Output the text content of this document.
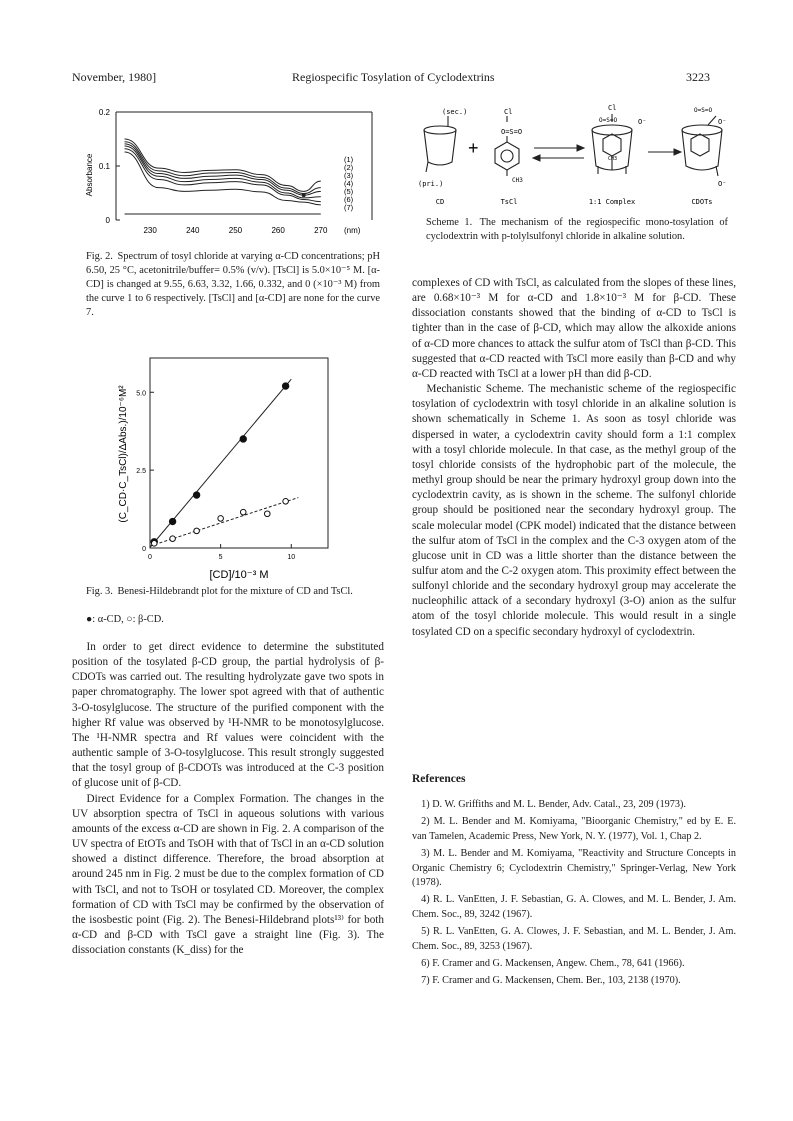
November, 1980]	Regiospecific Tosylation of Cyclodextrins	3223
0.2
0.1
0
230	240	250	260	270
(1)
(2)
(3)
(4)
(5)
(6)
(7)
Absorbance
(nm)
Fig. 2. Spectrum of tosyl chloride at varying α-CD concentrations; pH 6.50, 25 °C, acetonitrile/buffer= 0.5% (v/v). [TsCl] is 5.0×10⁻⁵ M. [α-CD] is changed at 9.55, 6.63, 3.32, 1.66, 0.332, and 0 (×10⁻³ M) from the curve 1 to 6 respectively. [TsCl] and [α-CD] are none for the curve 7.
0
2.5
5.0
0	5	10
(C_CD·C_TsCl)/ΔAbs.)/10⁻⁶M²
[CD]/10⁻³ M
Fig. 3. Benesi-Hildebrandt plot for the mixture of CD and TsCl.
●: α-CD, ○: β-CD.
(sec.)
(pri.)
+
O=S=O
Cl
CH3
Cl
O=S=O	O⁻
CH3
O=S=O
O⁻
O⁻
CD	TsCl	1:1 Complex	CDOTs
Scheme 1. The mechanism of the regiospecific mono-tosylation of cyclodextrin with p-tolylsulfonyl chloride in alkaline solution.

In order to get direct evidence to determine the substituted position of the tosylated β-CD group, the partial hydrolysis of β-CDOTs was carried out. The resulting hydrolyzate gave two spots in paper chromatography. The lower spot agreed with that of authentic 3-O-tosylglucose. The structure of the purified component with the higher Rf value was observed by ¹H-NMR to be monotosylglucose. The ¹H-NMR spectra and Rf values were coincident with the authentic sample of 3-O-tosylglucose. This result strongly suggested that the tosyl group of β-CDOTs was introduced at the C-3 position of glucose unit of β-CD.

Direct Evidence for a Complex Formation. The changes in the UV absorption spectra of TsCl in aqueous solutions with various amounts of the excess α-CD are shown in Fig. 2. A comparison of the UV spectra of EtOTs and TsOH with that of TsCl in an α-CD solution showed a distinct difference. Therefore, the broad absorption at around 245 nm in Fig. 2 must be due to the complex formation of CD with TsCl, and not to TsOH or tosylated CD. Moreover, the complex formation of CD with TsCl may be confirmed by the observation of the isosbestic point (Fig. 2). The Benesi-Hildebrand plots¹³⁾ for both α-CD and β-CD with TsCl gave a straight line (Fig. 3). The dissociation constants (K_diss) for the

complexes of CD with TsCl, as calculated from the slopes of these lines, are 0.68×10⁻³ M for α-CD and 1.8×10⁻³ M for β-CD. These dissociation constants showed that the binding of α-CD to TsCl is tighter than in the case of β-CD, which may allow the alkoxide anions of α-CD more chances to attack the sulfur atom of TsCl than β-CD. This suggested that α-CD reacted with TsCl more easily than β-CD and why α-CD reacted with TsCl at a lower pH than did β-CD.

Mechanistic Scheme. The mechanistic scheme of the regiospecific tosylation of cyclodextrin with tosyl chloride in an alkaline solution is shown schematically in Scheme 1. As soon as tosyl chloride was dispersed in water, a cyclodextrin cavity should form a 1:1 complex with a tosyl chloride molecule. In that case, as the methyl group of the tosyl chloride consists of the hydrophobic part of the molecule, the methyl group should be near the primary hydroxyl group down into the cyclodextrin cavity, as is shown in the scheme. The sulfonyl chloride group should be positioned near the secondary hydroxyl group. The scale molecular model (CPK model) indicated that the distance between the sulfur atom of TsCl in the complex and the C-3 oxygen atom of the glucose unit in CD was a little shorter than the distance between the sulfur atom and the C-2 oxygen atom. This proximity effect between the sulfonyl chloride and the secondary hydroxyl group may accelerate the nucleophilic attack of a secondary hydroxyl (3-O) anion as the sulfur atom of the tosyl chloride molecule. This would result in a single tosylated CD on a specific secondary hydroxyl of cyclodextrin.

References

1) D. W. Griffiths and M. L. Bender, Adv. Catal., 23, 209 (1973).

2) M. L. Bender and M. Komiyama, "Bioorganic Chemistry," ed by E. E. van Tamelen, Academic Press, New York, N. Y. (1977), Vol. 1, Chap 2.

3) M. L. Bender and M. Komiyama, "Reactivity and Structure Concepts in Organic Chemistry 6; Cyclodextrin Chemistry," Springer-Verlag, New York (1978).

4) R. L. VanEtten, J. F. Sebastian, G. A. Clowes, and M. L. Bender, J. Am. Chem. Soc., 89, 3242 (1967).

5) R. L. VanEtten, G. A. Clowes, J. F. Sebastian, and M. L. Bender, J. Am. Chem. Soc., 89, 3253 (1967).

6) F. Cramer and G. Mackensen, Angew. Chem., 78, 641 (1966).

7) F. Cramer and G. Mackensen, Chem. Ber., 103, 2138 (1970).
